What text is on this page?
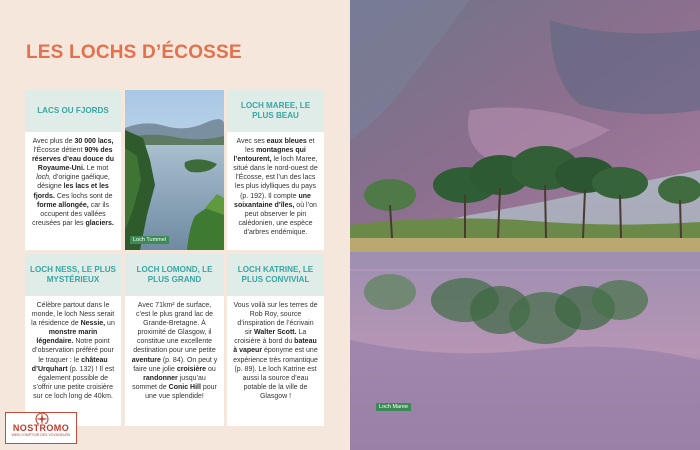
LES LOCHS D’ÉCOSSE
LACS OU FJORDS
Avec plus de 30 000 lacs, l’Écosse détient 90% des réserves d’eau douce du Royaume-Uni. Le mot loch, d’origine gaélique, désigne les lacs et les fjords. Ces lochs sont de forme allongée, car ils occupent des vallées creusées par les glaciers.
Loch Tummel
LOCH MAREE, LE PLUS BEAU
Avec ses eaux bleues et les montagnes qui l’entourent, le loch Maree, situé dans le nord-ouest de l’Écosse, est l’un des lacs les plus idylliques du pays (p. 192). Il compte une soixantaine d’îles, où l’on peut observer le pin calédonien, une espèce d’arbres endémique.
LOCH NESS, LE PLUS MYSTÉRIEUX
Célèbre partout dans le monde, le loch Ness serait la résidence de Nessie, un monstre marin légendaire. Notre point d’observation préféré pour le traquer : le château d’Urquhart (p. 132) ! Il est également possible de s’offrir une petite croisière sur ce loch long de 40km.
LOCH LOMOND, LE PLUS GRAND
Avec 71km² de surface, c’est le plus grand lac de Grande-Bretagne. À proximité de Glasgow, il constitue une excellente destination pour une petite aventure (p. 84). On peut y faire une jolie croisière ou randonner jusqu’au sommet de Conic Hill pour une vue splendide!
LOCH KATRINE, LE PLUS CONVIVIAL
Vous voilà sur les terres de Rob Roy, source d’inspiration de l’écrivain sir Walter Scott. La croisière à bord du bateau à vapeur éponyme est une expérience très romantique (p. 89). Le loch Katrine est aussi la source d’eau potable de la ville de Glasgow !
NOSTROMO
WEB COMPTOIR DES VOYAGEURS
Loch Maree
